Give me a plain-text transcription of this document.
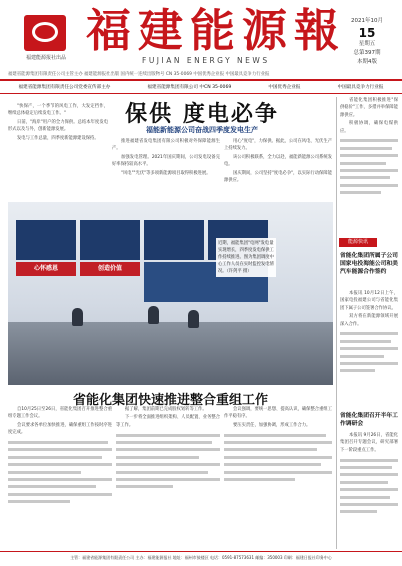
福建能源报社出品
福建能源報
FUJIAN ENERGY NEWS
福建省能源集团有限责任公司主管主办 福建能源报社出版 国内统一连续出版物号 CN 35-0069 中国优秀企业报 中国最具竞争力行业报
2021年10月
15
星期五
总第397期
本期4版
福建省能源集团有限责任公司党委宣传部主办	福建省能源集团有限公司 中CN 35-0069	中国优秀企业报	中国最具竞争力行业报
保供 度电必争
福能新能源公司奋战四季度发电生产

"快保产，一个季节的风电工作，大发定挡作，继续总体稳定后续发电工作。"

日前，"海岸"用户的全力保供。总结本年度发电形式以及与外，创新能源发展。

发电与工作总量，四季度新能源建设保持。

推进福建省发电集团有限公司积极对外保障能源生产。

加强发电管理。2021年国庆期间，公司发电设备完好率保持较高水平。

"风电""光伏"等多项新能源项目取得积极进展。

用心"度电"，力保供。据此，公司在风电、光伏生产上持续发力。

该公司积极联系，全力以赴，福能新能源公司系统发电。

国庆期间，公司坚持"度电必争"，以实际行动保障能源供应。

心怀感恩	创造价值
近期，福能集团"电网"发电量实现增长，四季度发电保供工作持续推进。图为集团调度中心工作人员在实时监控发电情况。（许剑平 摄）
省能化集团快速推进整合重组工作

自10月25日至26日，省能化集团召开推进整合重组专题工作会议。

会议要求各单位加快推进，确保重组工作按时序进度完成。

据了解，集团前期已完成股权划转等工作。

下一步将全面推进组织架构、人员配置、业务整合等工作。

会议强调，要统一思想、提高认识，确保整合重组工作平稳有序。

要压实责任，加强协调，形成工作合力。

省能化集团积极推进"保供稳价"工作，多措并举保障能源供应。

积极协调，确保电煤供应。

能源快讯
省能化集团所属子公司国家电投海能公司和美汽车能源合作签约

本报讯 10月12日上午，国家电投福建公司与省能化集团下属子公司签署合作协议。

双方将在新能源领域开展深入合作。

省能化集团召开半年工作调研会

本报讯 9月26日，省能化集团召开专题会议，研究部署下一阶段重点工作。

主管：福建省能源集团有限责任公司 主办：福建能源报社 地址：福州市鼓楼区 电话：0591-87573631 邮编：350003 印刷：福建日报社印务中心
